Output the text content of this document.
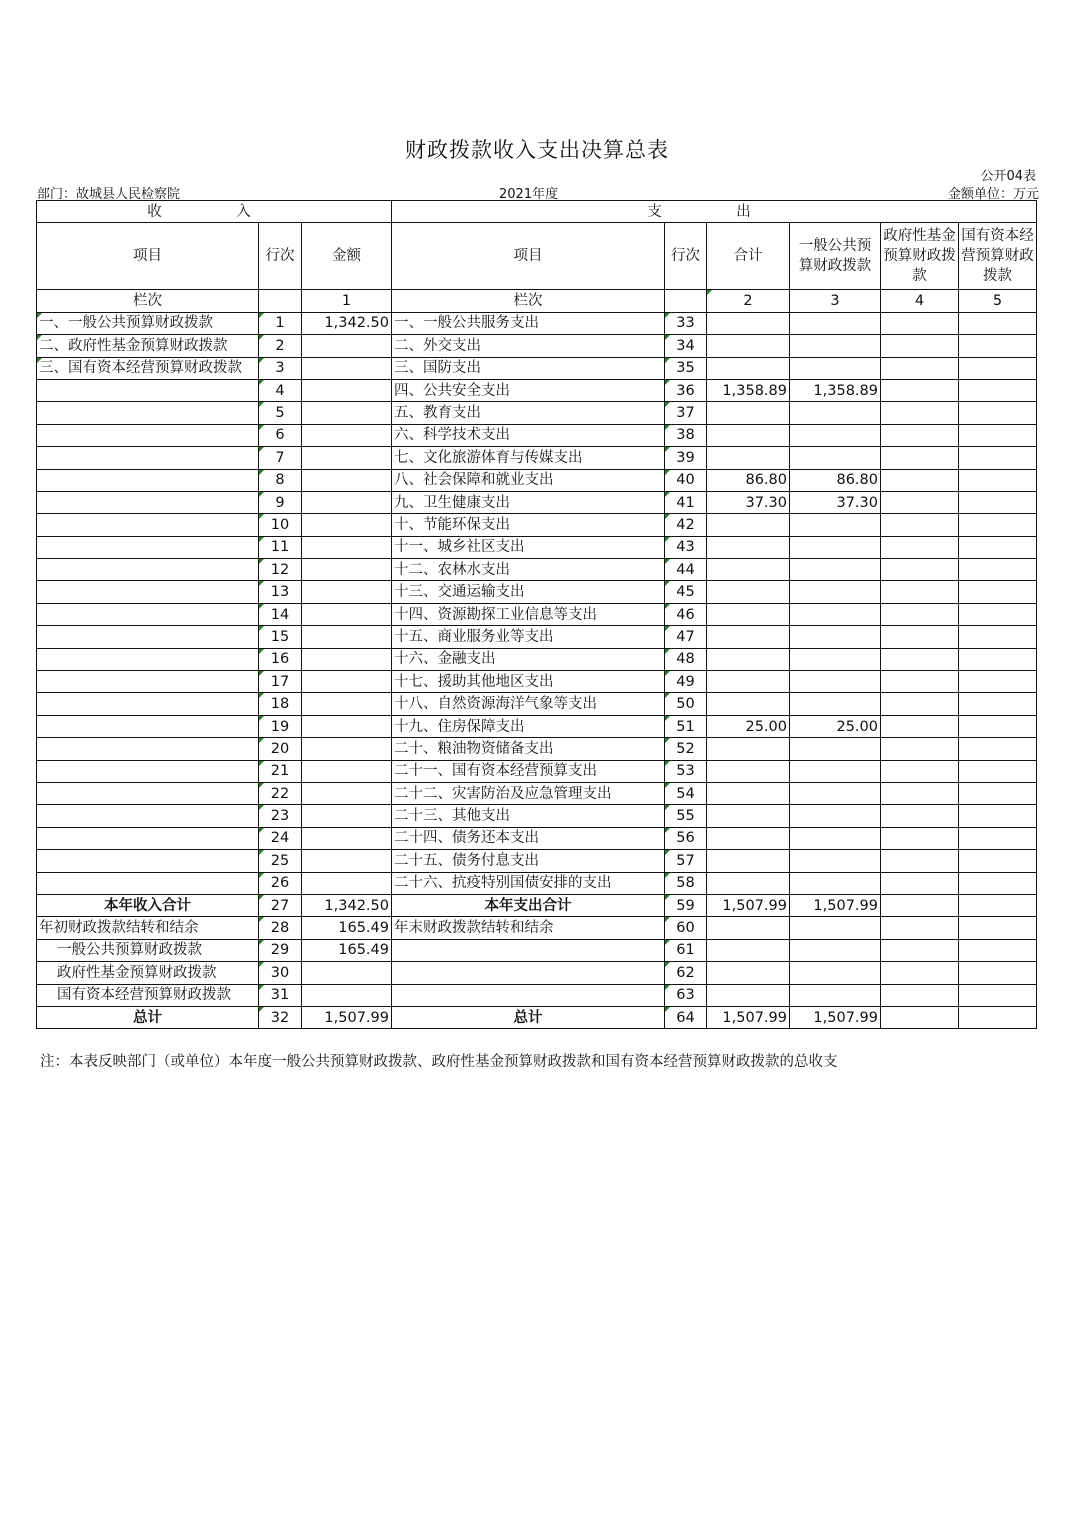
财政拨款收入支出决算总表
公开04表
部门：故城县人民检察院	2021年度	金额单位：万元
收　入			支　出					
项目	行次	金额	项目	行次	合计	一般公共预算财政拨款	政府性基金预算财政拨款	国有资本经营预算财政拨款
栏次		1	栏次		2	3	4	5
一、一般公共预算财政拨款	1	1,342.50	一、一般公共服务支出	33				
二、政府性基金预算财政拨款	2		二、外交支出	34				
三、国有资本经营预算财政拨款	3		三、国防支出	35				
	4		四、公共安全支出	36	1,358.89	1,358.89		
	5		五、教育支出	37				
	6		六、科学技术支出	38				
	7		七、文化旅游体育与传媒支出	39				
	8		八、社会保障和就业支出	40	86.80	86.80		
	9		九、卫生健康支出	41	37.30	37.30		
	10		十、节能环保支出	42				
	11		十一、城乡社区支出	43				
	12		十二、农林水支出	44				
	13		十三、交通运输支出	45				
	14		十四、资源勘探工业信息等支出	46				
	15		十五、商业服务业等支出	47				
	16		十六、金融支出	48				
	17		十七、援助其他地区支出	49				
	18		十八、自然资源海洋气象等支出	50				
	19		十九、住房保障支出	51	25.00	25.00		
	20		二十、粮油物资储备支出	52				
	21		二十一、国有资本经营预算支出	53				
	22		二十二、灾害防治及应急管理支出	54				
	23		二十三、其他支出	55				
	24		二十四、债务还本支出	56				
	25		二十五、债务付息支出	57				
	26		二十六、抗疫特别国债安排的支出	58				
本年收入合计	27	1,342.50	本年支出合计	59	1,507.99	1,507.99		
年初财政拨款结转和结余	28	165.49	年末财政拨款结转和结余	60				
一般公共预算财政拨款	29	165.49		61				
政府性基金预算财政拨款	30			62				
国有资本经营预算财政拨款	31			63				
总计	32	1,507.99	总计	64	1,507.99	1,507.99		
注：本表反映部门（或单位）本年度一般公共预算财政拨款、政府性基金预算财政拨款和国有资本经营预算财政拨款的总收支
